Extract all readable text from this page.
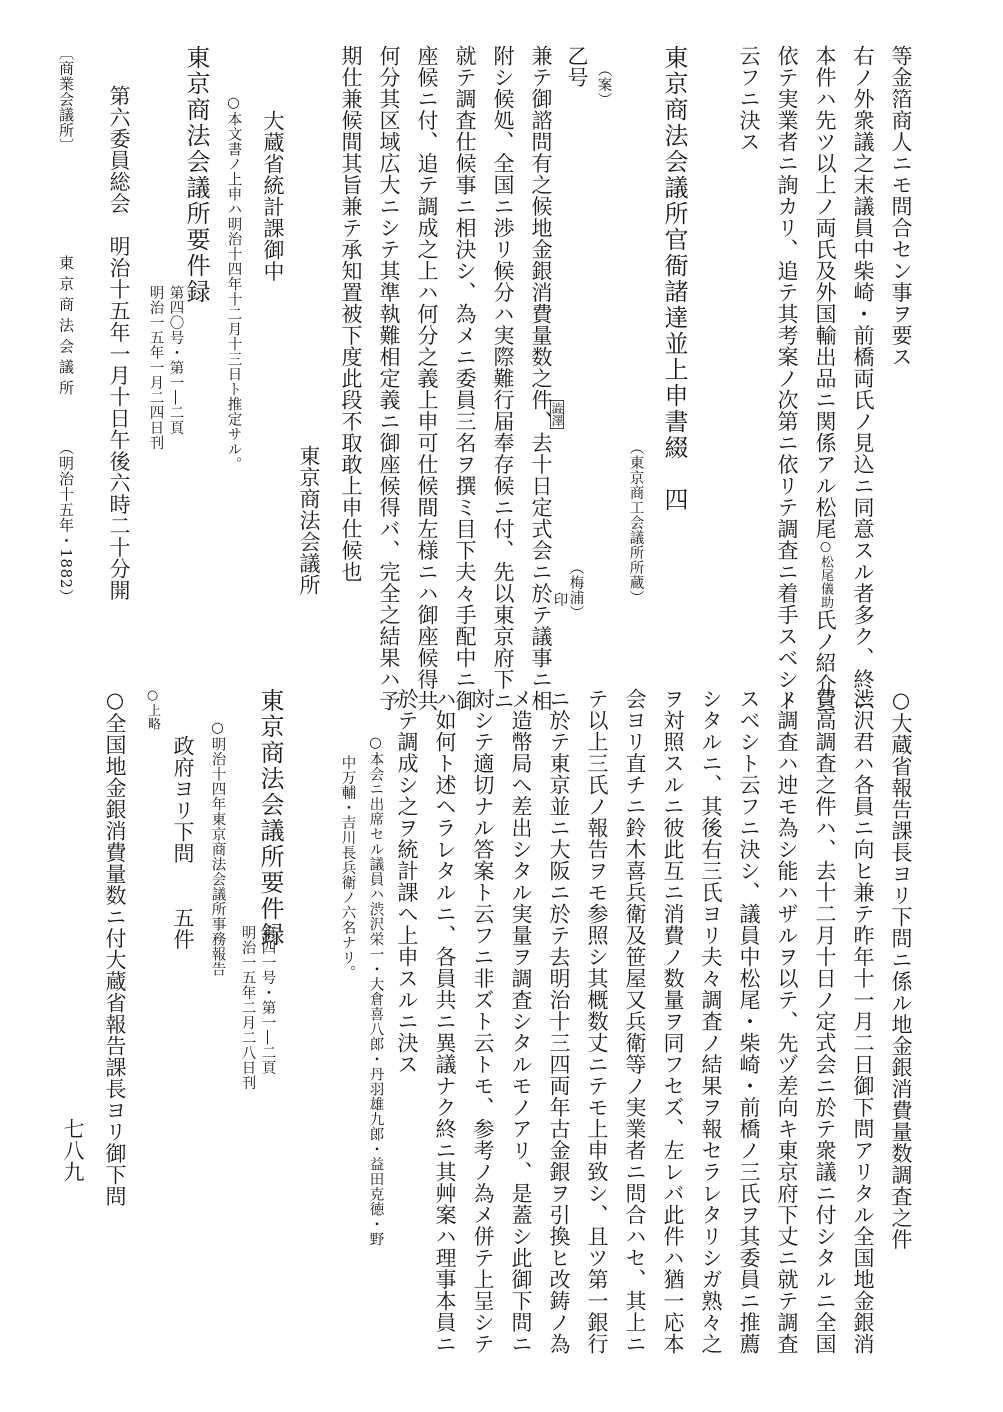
等金箔商人ニモ問合セン事ヲ要ス

右ノ外衆議之末議員中柴崎・前橋両氏ノ見込ニ同意スル者多ク、終ニ

本件ハ先ツ以上ノ両氏及外国輸出品ニ関係アル松尾○松尾儀助氏ノ紹介ニ

依テ実業者ニ詢カリ、追テ其考案ノ次第ニ依リテ調査ニ着手スベシト

云フニ決ス

東京商法会議所官衙諸達並上申書綴　四

（東京商工会議所所蔵）

澁澤

（梅浦）

印

（案）

乙号

兼テ御諮問有之候地金銀消費量数之件、去十日定式会ニ於テ議事ニ相

附シ候処、全国ニ渉リ候分ハ実際難行届奉存候ニ付、先以東京府下ニ

就テ調査仕候事ニ相決シ、為メニ委員三名ヲ撰ミ目下夫々手配中ニ御

座候ニ付、追テ調成之上ハ何分之義上申可仕候間左様ニハ御座候得共

何分其区域広大ニシテ其準執難相定義ニ御座候得バ、完全之結果ハ予

期仕兼候間其旨兼テ承知置被下度此段不取敢上申仕候也

東京商法会議所

大蔵省統計課御中

○本文書ノ上申ハ明治十四年十二月十三日ト推定サル。

東京商法会議所要件録

第四〇号・第一―二頁

明治一五年一月二四日刊

第六委員総会　明治十五年一月十日午後六時二十分開

○大蔵省報告課長ヨリ下問ニ係ル地金銀消費量数調査之件

渋沢君ハ各員ニ向ヒ兼テ昨年十一月二日御下問アリタル全国地金銀消

費高調査之件ハ、去十二月十日ノ定式会ニ於テ衆議ニ付シタルニ全国

ノ調査ハ迚モ為シ能ハザルヲ以テ、先ヅ差向キ東京府下丈ニ就テ調査

スベシト云フニ決シ、議員中松尾・柴崎・前橋ノ三氏ヲ其委員ニ推薦

シタルニ、其後右三氏ヨリ夫々調査ノ結果ヲ報セラレタリシガ熟々之

ヲ対照スルニ彼此互ニ消費ノ数量ヲ同フセズ、左レバ此件ハ猶一応本

会ヨリ直チニ鈴木喜兵衛及笹屋又兵衛等ノ実業者ニ問合ハセ、其上ニ

テ以上三氏ノ報告ヲモ参照シ其概数丈ニテモ上申致シ、且ツ第一銀行

ニ於テ東京並ニ大阪ニ於テ去明治十三四両年古金銀ヲ引換ヒ改鋳ノ為

メ造幣局へ差出シタル実量ヲ調査シタルモノアリ、是蓋シ此御下問ニ

対シテ適切ナル答案ト云フニ非ズト云トモ、参考ノ為メ併テ上呈シテ

ハ如何ト述ヘラレタルニ、各員共ニ異議ナク終ニ其艸案ハ理事本員ニ

於テ調成シ之ヲ統計課へ上申スルニ決ス

○本会ニ出席セル議員ハ渋沢栄一・大倉喜八郎・丹羽雄九郎・益田克徳・野

中万輔・吉川長兵衛ノ六名ナリ。

東京商法会議所要件録

第四一号・第一―二頁

明治一五年二月二八日刊

○明治十四年東京商法会議所事務報告

政府ヨリ下問　　五件

○上略

○全国地金銀消費量数ニ付大蔵省報告課長ヨリ御下問

〔商業会議所〕

東 京 商 法 会 議 所

（明治十五年・1882）

七八九
